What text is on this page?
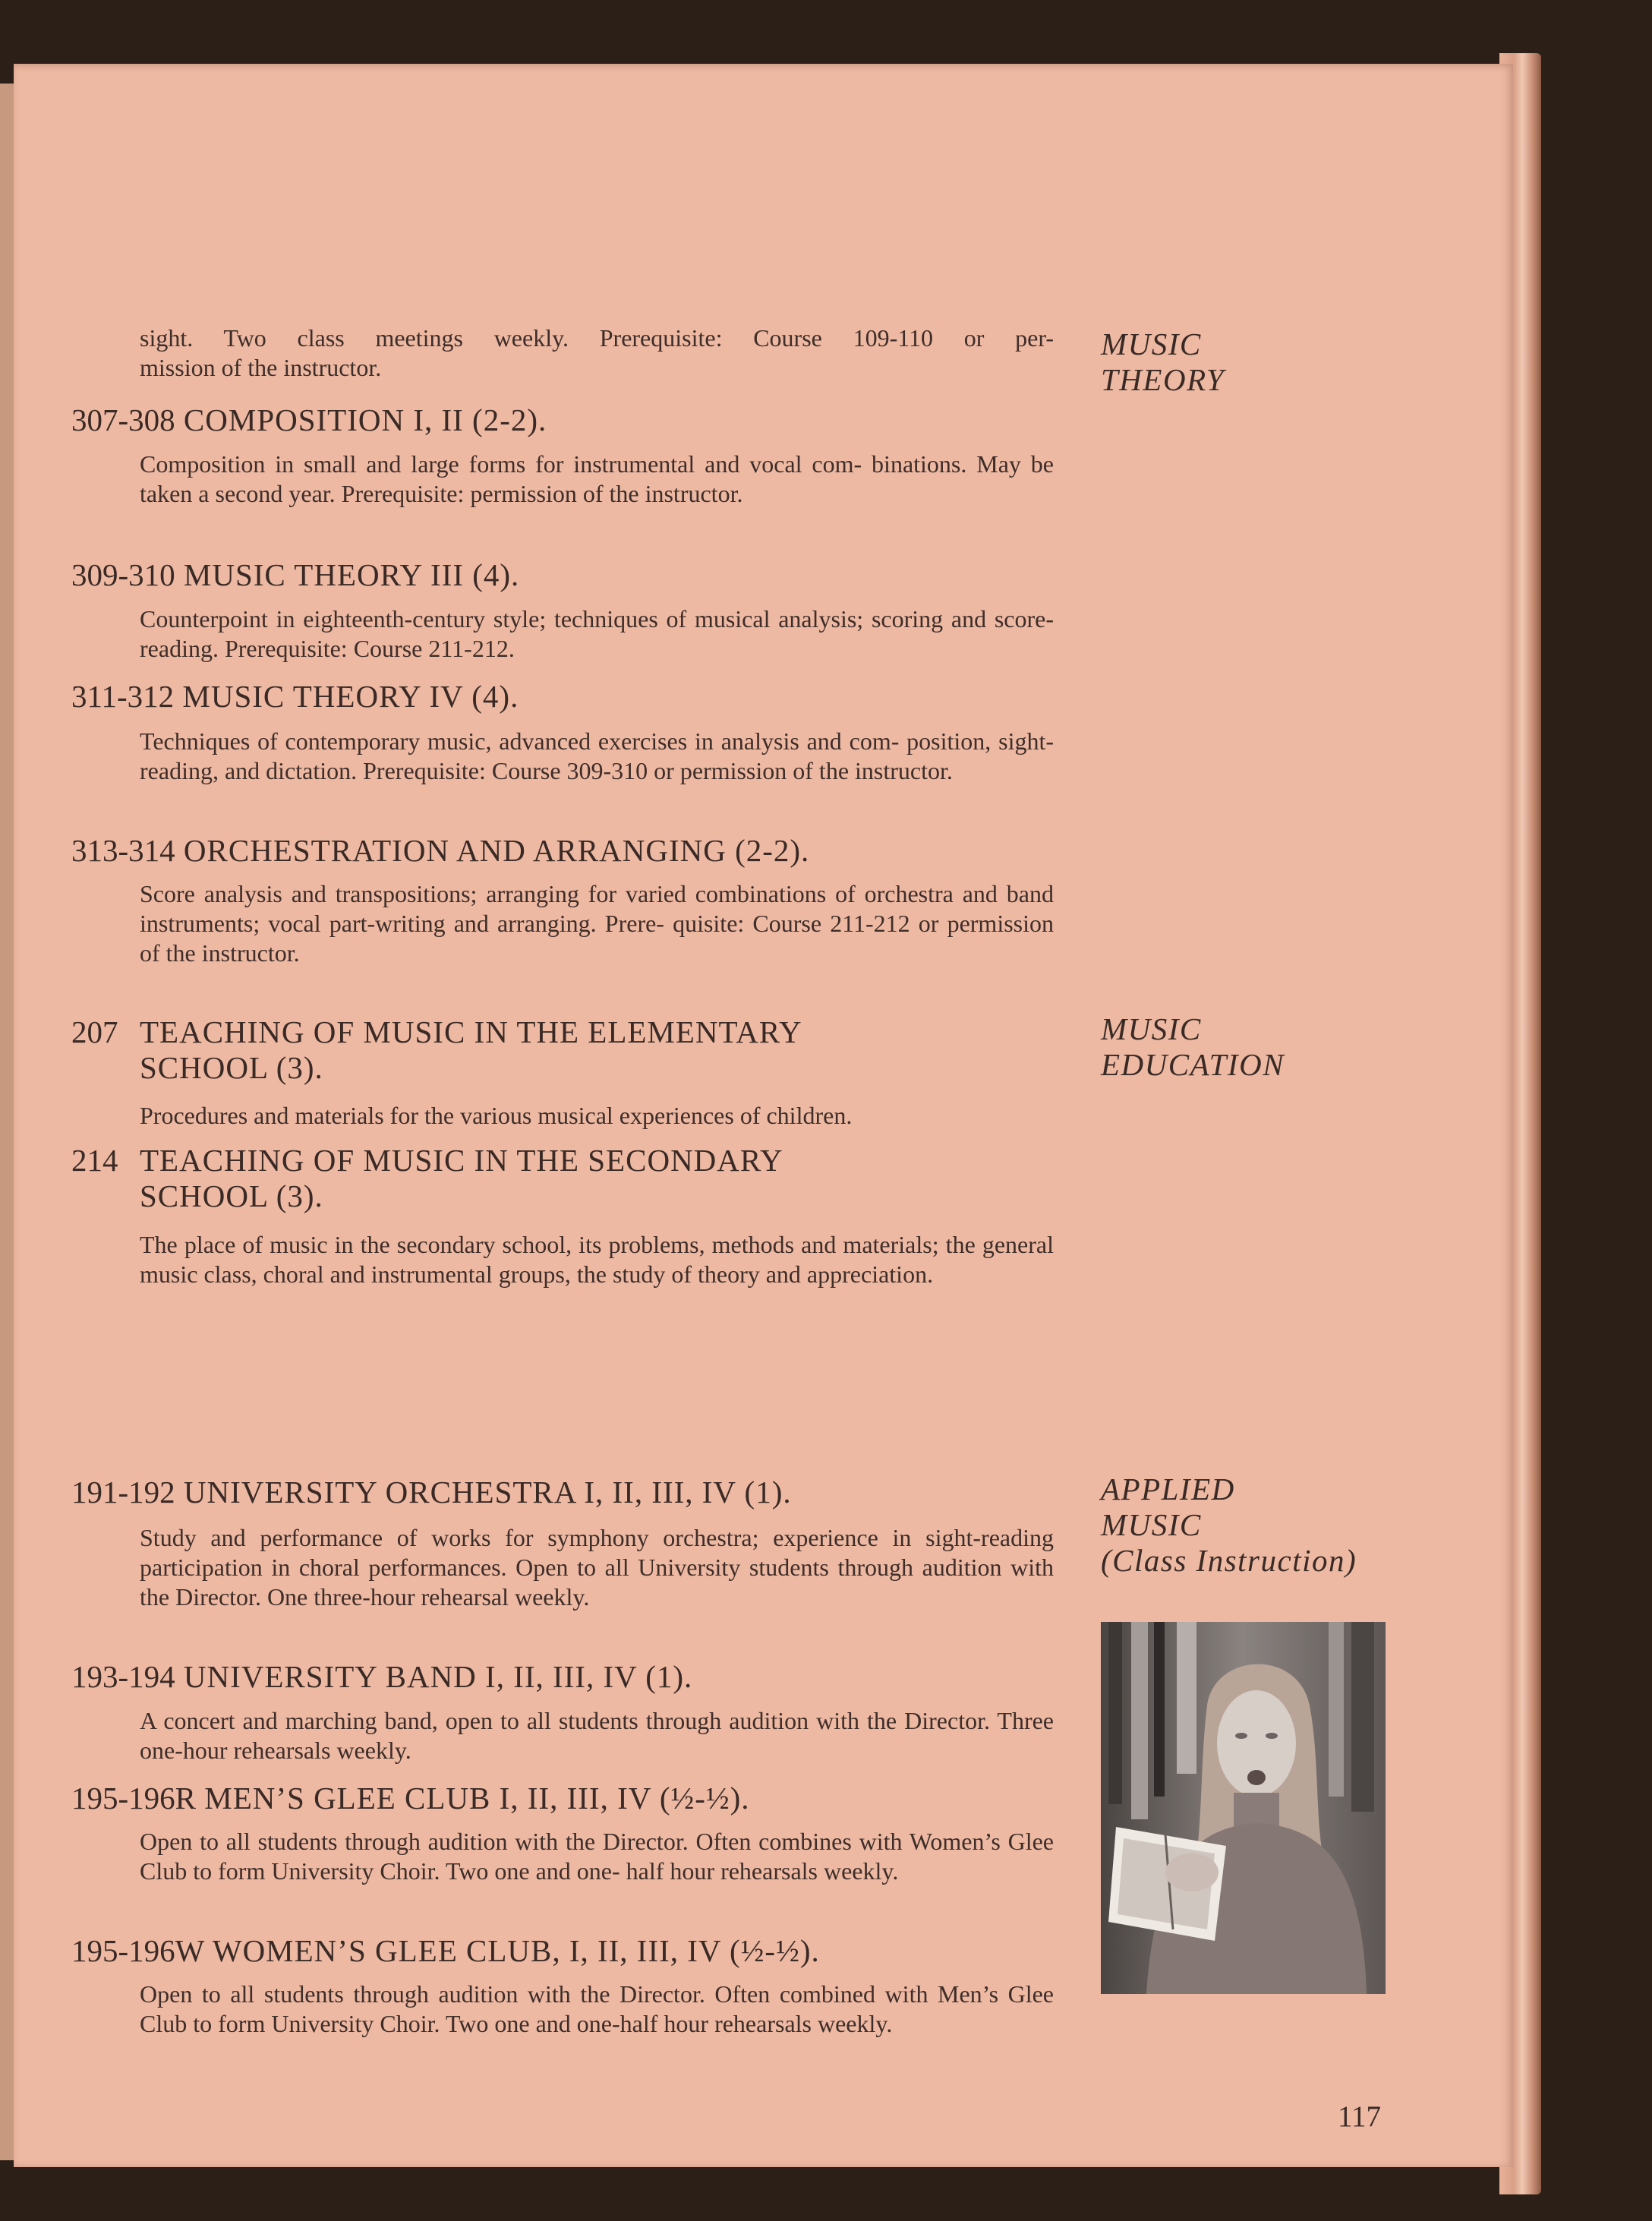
sight. Two class meetings weekly. Prerequisite: Course 109-110 or per-
mission of the instructor.
MUSIC
THEORY
307-308 COMPOSITION I, II (2-2).
Composition in small and large forms for instrumental and vocal com- binations. May be taken a second year. Prerequisite: permission of the instructor.
309-310 MUSIC THEORY III (4).
Counterpoint in eighteenth-century style; techniques of musical analysis; scoring and score-reading. Prerequisite: Course 211-212.
311-312 MUSIC THEORY IV (4).
Techniques of contemporary music, advanced exercises in analysis and com- position, sight-reading, and dictation. Prerequisite: Course 309-310 or permission of the instructor.
313-314 ORCHESTRATION AND ARRANGING (2-2).
Score analysis and transpositions; arranging for varied combinations of orchestra and band instruments; vocal part-writing and arranging. Prere- quisite: Course 211-212 or permission of the instructor.
MUSIC
EDUCATION
207 TEACHING OF MUSIC IN THE ELEMENTARY
SCHOOL (3).
Procedures and materials for the various musical experiences of children.
214 TEACHING OF MUSIC IN THE SECONDARY
SCHOOL (3).
The place of music in the secondary school, its problems, methods and materials; the general music class, choral and instrumental groups, the study of theory and appreciation.
APPLIED
MUSIC
(Class Instruction)
191-192 UNIVERSITY ORCHESTRA I, II, III, IV (1).
Study and performance of works for symphony orchestra; experience in sight-reading participation in choral performances. Open to all University students through audition with the Director. One three-hour rehearsal weekly.
193-194 UNIVERSITY BAND I, II, III, IV (1).
A concert and marching band, open to all students through audition with the Director. Three one-hour rehearsals weekly.
195-196R MEN’S GLEE CLUB I, II, III, IV (½-½).
Open to all students through audition with the Director. Often combines with Women’s Glee Club to form University Choir. Two one and one- half hour rehearsals weekly.
195-196W WOMEN’S GLEE CLUB, I, II, III, IV (½-½).
Open to all students through audition with the Director. Often combined with Men’s Glee Club to form University Choir. Two one and one-half hour rehearsals weekly.
117
